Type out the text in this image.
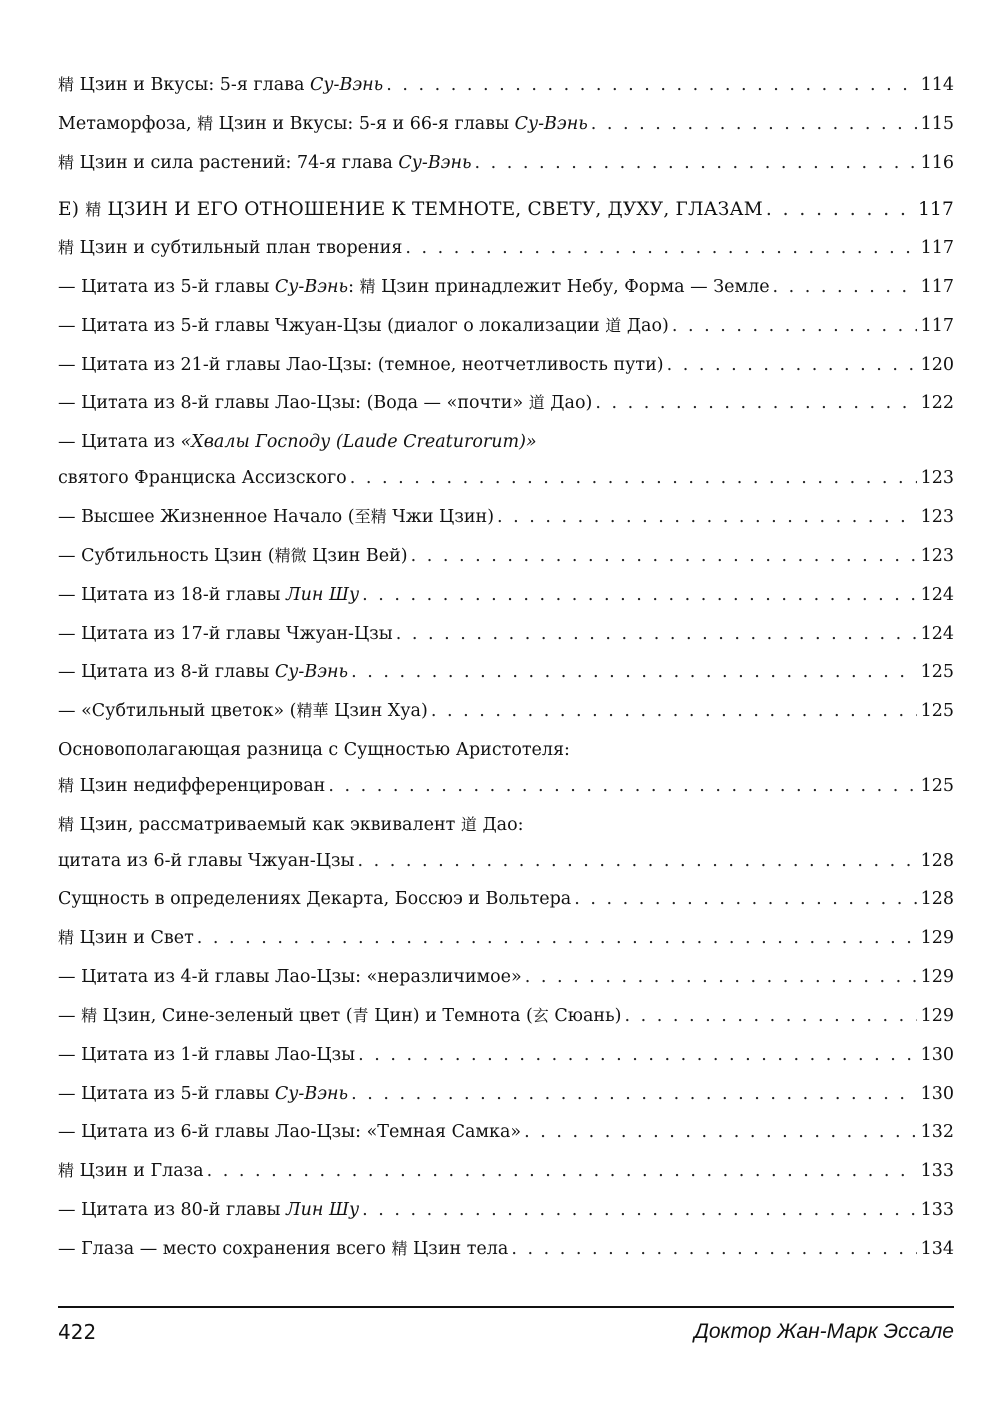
精 Цзин и Вкусы: 5-я глава Су-Вэнь . . .	114
Метаморфоза, 精 Цзин и Вкусы: 5-я и 66-я главы Су-Вэнь . . .	115
精 Цзин и сила растений: 74-я глава Су-Вэнь . . .	116
Е) 精 ЦЗИН И ЕГО ОТНОШЕНИЕ К ТЕМНОТЕ, СВЕТУ, ДУХУ, ГЛАЗАМ . . .	117
精 Цзин и субтильный план творения . . .	117
— Цитата из 5-й главы Су-Вэнь: 精 Цзин принадлежит Небу, Форма — Земле . . .	117
— Цитата из 5-й главы Чжуан-Цзы (диалог о локализации 道 Дао) . . .	117
— Цитата из 21-й главы Лао-Цзы: (темное, неотчетливость пути) . . .	120
— Цитата из 8-й главы Лао-Цзы: (Вода — «почти» 道 Дао) . . .	122
— Цитата из «Хвалы Господу (Laude Creaturorum)»
святого Франциска Ассизского . . .	123
— Высшее Жизненное Начало (至精 Чжи Цзин) . . .	123
— Субтильность Цзин (精微 Цзин Вей) . . .	123
— Цитата из 18-й главы Лин Шу . . .	124
— Цитата из 17-й главы Чжуан-Цзы . . .	124
— Цитата из 8-й главы Су-Вэнь . . .	125
— «Субтильный цветок» (精華 Цзин Хуа) . . .	125
Основополагающая разница с Сущностью Аристотеля:
精 Цзин недифференцирован . . .	125
精 Цзин, рассматриваемый как эквивалент 道 Дао:
цитата из 6-й главы Чжуан-Цзы . . .	128
Сущность в определениях Декарта, Боссюэ и Вольтера . . .	128
精 Цзин и Свет . . .	129
— Цитата из 4-й главы Лао-Цзы: «неразличимое» . . .	129
— 精 Цзин, Сине-зеленый цвет (青 Цин) и Темнота (玄 Сюань) . . .	129
— Цитата из 1-й главы Лао-Цзы . . .	130
— Цитата из 5-й главы Су-Вэнь . . .	130
— Цитата из 6-й главы Лао-Цзы: «Темная Самка» . . .	132
精 Цзин и Глаза . . .	133
— Цитата из 80-й главы Лин Шу . . .	133
— Глаза — место сохранения всего 精 Цзин тела . . .	134
422	Доктор Жан-Марк Эссале
